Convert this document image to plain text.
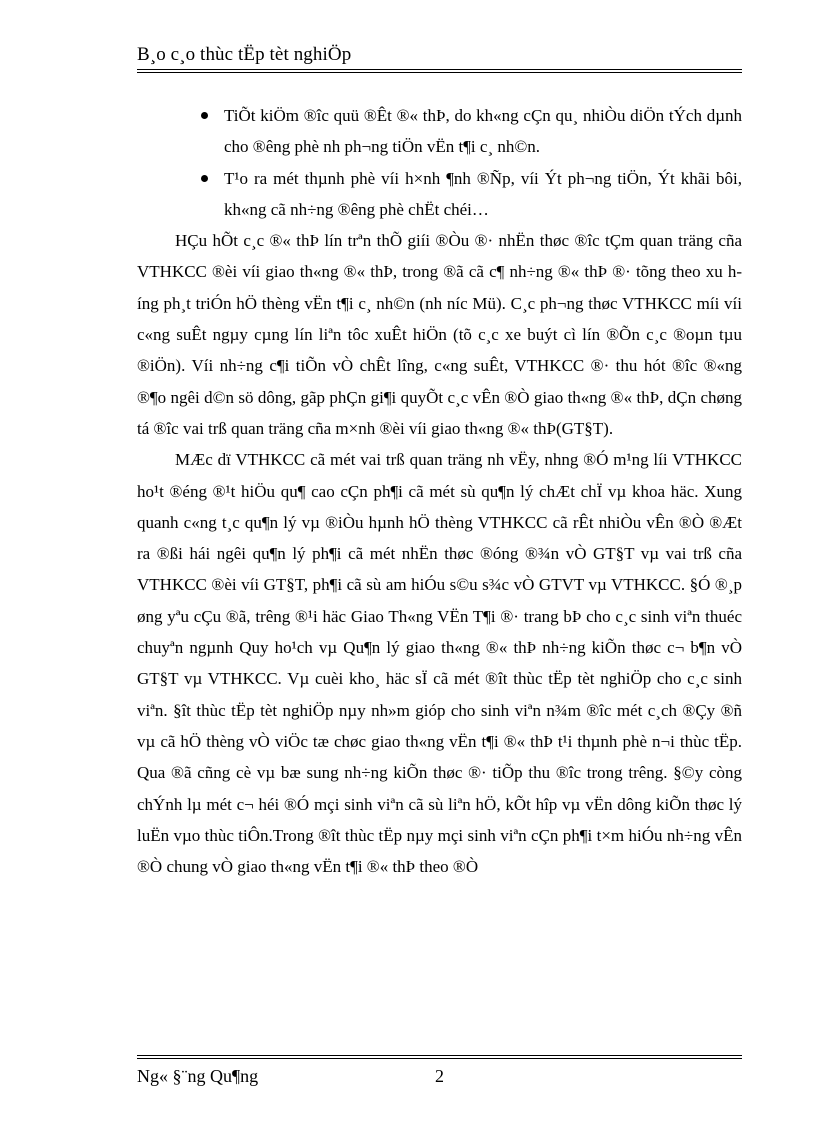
B¸o c¸o thùc tËp tèt nghiÖp
TiÕt kiÖm ®îc quü ®Êt ®« thÞ, do kh«ng cÇn qu¸ nhiÒu diÖn tÝch dµnh cho ®êng phè nh ph¬ng tiÖn vËn t¶i c¸ nh©n.
T¹o ra mét thµnh phè víi h×nh ¶nh ®Ñp, víi Ýt ph¬ng tiÖn, Ýt khãi bôi, kh«ng cã nh÷ng ®êng phè chËt chéi…

HÇu hÕt c¸c ®« thÞ lín trªn thÕ giíi ®Òu ®· nhËn thøc ®îc tÇm quan träng cña VTHKCC ®èi víi giao th«ng ®« thÞ, trong ®ã cã c¶ nh÷ng ®« thÞ ®· tõng theo xu híng ph¸t triÓn hÖ thèng vËn t¶i c¸ nh©n (nh níc Mü). C¸c ph¬ng thøc VTHKCC míi víi c«ng suÊt ngµy cµng lín liªn tôc xuÊt hiÖn (tõ c¸c xe buýt cì lín ®Õn c¸c ®oµn tµu ®iÖn). Víi nh÷ng c¶i tiÕn vÒ chÊt lîng, c«ng suÊt, VTHKCC ®· thu hót ®îc ®«ng ®¶o ngêi d©n sö dông, gãp phÇn gi¶i quyÕt c¸c vÊn ®Ò giao th«ng ®« thÞ, dÇn chøng tá ®îc vai trß quan träng cña m×nh ®èi víi giao th«ng ®« thÞ(GT§T).

MÆc dï VTHKCC cã mét vai trß quan träng nh vËy, nhng ®Ó m¹ng líi VTHKCC ho¹t ®éng ®¹t hiÖu qu¶ cao cÇn ph¶i cã mét sù qu¶n lý chÆt chÏ vµ khoa häc. Xung quanh c«ng t¸c qu¶n lý vµ ®iÒu hµnh hÖ thèng VTHKCC cã rÊt nhiÒu vÊn ®Ò ®Æt ra ®ßi hái ngêi qu¶n lý ph¶i cã mét nhËn thøc ®óng ®¾n vÒ GT§T vµ vai trß cña VTHKCC ®èi víi GT§T, ph¶i cã sù am hiÓu s©u s¾c vÒ GTVT vµ VTHKCC. §Ó ®¸p øng yªu cÇu ®ã, trêng ®¹i häc Giao Th«ng VËn T¶i ®· trang bÞ cho c¸c sinh viªn thuéc chuyªn ngµnh Quy ho¹ch vµ Qu¶n lý giao th«ng ®« thÞ nh÷ng kiÕn thøc c¬ b¶n vÒ GT§T vµ VTHKCC. Vµ cuèi kho¸ häc sÏ cã mét ®ît thùc tËp tèt nghiÖp cho c¸c sinh viªn. §ît thùc tËp tèt nghiÖp nµy nh»m gióp cho sinh viªn n¾m ®îc mét c¸ch ®Çy ®ñ vµ cã hÖ thèng vÒ viÖc tæ chøc giao th«ng vËn t¶i ®« thÞ t¹i thµnh phè n¬i thùc tËp. Qua ®ã cñng cè vµ bæ sung nh÷ng kiÕn thøc ®· tiÕp thu ®îc trong trêng. §©y còng chÝnh lµ mét c¬ héi ®Ó mçi sinh viªn cã sù liªn hÖ, kÕt hîp vµ vËn dông kiÕn thøc lý luËn vµo thùc tiÔn.Trong ®ît thùc tËp nµy mçi sinh viªn cÇn ph¶i t×m hiÓu nh÷ng vÊn ®Ò chung vÒ giao th«ng vËn t¶i ®« thÞ theo ®Ò

Ng« §¨ng Qu¶ng	2
